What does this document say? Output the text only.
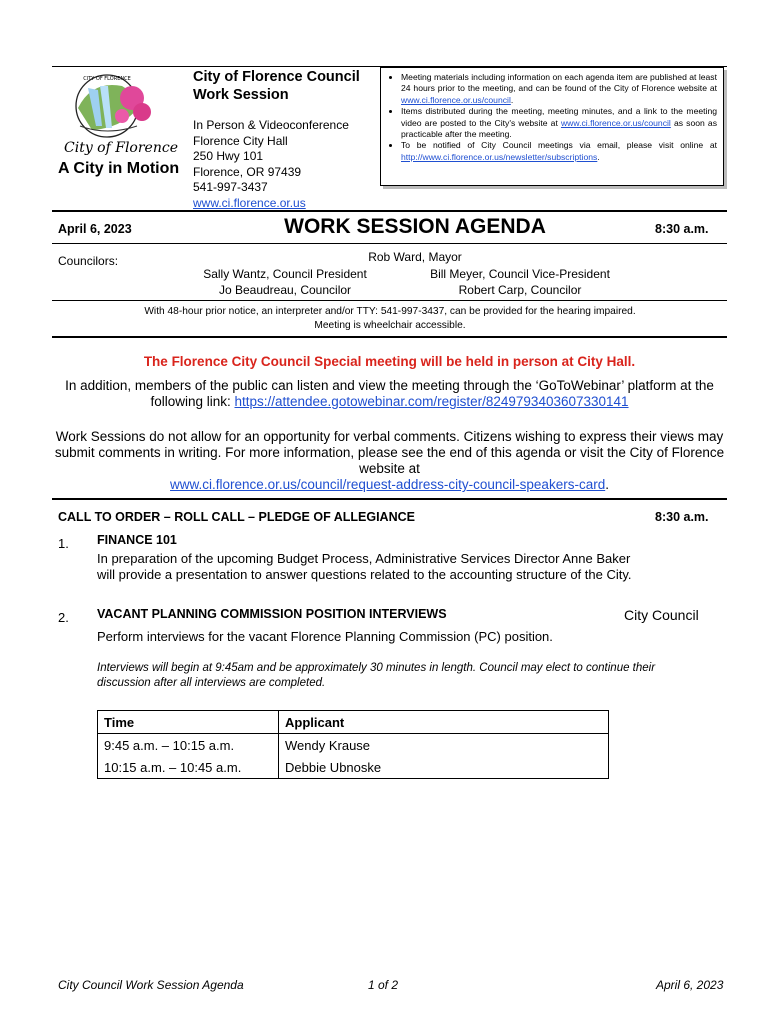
CITY OF FLORENCE
City of Florence
A City in Motion
City of Florence Council
Work Session
In Person & Videoconference
Florence City Hall
250 Hwy 101
Florence, OR 97439
541-997-3437
www.ci.florence.or.us
• Meeting materials including information on each agenda item are published at least 24 hours prior to the meeting, and can be found of the City of Florence website at www.ci.florence.or.us/council.
• Items distributed during the meeting, meeting minutes, and a link to the meeting video are posted to the City's website at www.ci.florence.or.us/council as soon as practicable after the meeting.
• To be notified of City Council meetings via email, please visit online at http://www.ci.florence.or.us/newsletter/subscriptions.
April 6, 2023	WORK SESSION AGENDA	8:30 a.m.
Councilors:	Rob Ward, Mayor
Sally Wantz, Council President
Jo Beaudreau, Councilor
Bill Meyer, Council Vice-President
Robert Carp, Councilor
With 48-hour prior notice, an interpreter and/or TTY: 541-997-3437, can be provided for the hearing impaired.
Meeting is wheelchair accessible.
The Florence City Council Special meeting will be held in person at City Hall.
In addition, members of the public can listen and view the meeting through the ‘GoToWebinar’ platform at the following link: https://attendee.gotowebinar.com/register/8249793403607330141
Work Sessions do not allow for an opportunity for verbal comments. Citizens wishing to express their views may submit comments in writing. For more information, please see the end of this agenda or visit the City of Florence website at
www.ci.florence.or.us/council/request-address-city-council-speakers-card.
CALL TO ORDER – ROLL CALL – PLEDGE OF ALLEGIANCE	8:30 a.m.
1. FINANCE 101
In preparation of the upcoming Budget Process, Administrative Services Director Anne Baker will provide a presentation to answer questions related to the accounting structure of the City.
2. VACANT PLANNING COMMISSION POSITION INTERVIEWS	City Council
Perform interviews for the vacant Florence Planning Commission (PC) position.
Interviews will begin at 9:45am and be approximately 30 minutes in length. Council may elect to continue their discussion after all interviews are completed.
Time	Applicant
9:45 a.m. – 10:15 a.m.	Wendy Krause
10:15 a.m. – 10:45 a.m.	Debbie Ubnoske
City Council Work Session Agenda	1 of 2	April 6, 2023
